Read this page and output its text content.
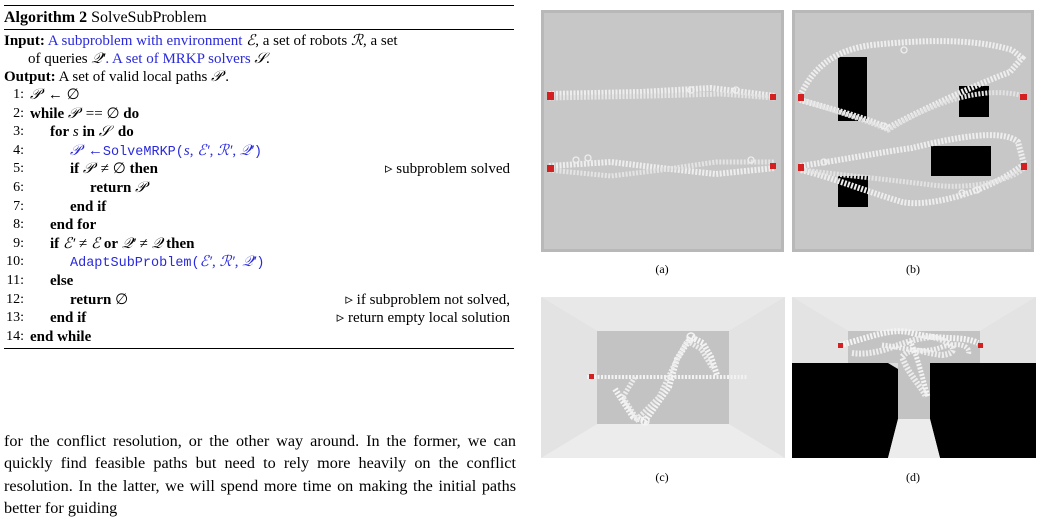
Algorithm 2 SolveSubProblem
Input: A subproblem with environment ℰ, a set of robots ℛ, a set
of queries 𝒬′. A set of MRKP solvers 𝒮.
Output: A set of valid local paths 𝒫′.
1: 𝒫′ ← ∅
2: while 𝒫′ == ∅ do
3:	for s in 𝒮 do
4:	𝒫′ ←SolveMRKP(s, ℰ′, ℛ′, 𝒬′)
5:	if 𝒫′ ≠ ∅ then	▹ subproblem solved
6:	return 𝒫′
7:	end if
8:	end for
9:	if ℰ′ ≠ ℰ or 𝒬′ ≠ 𝒬 then
10:	AdaptSubProblem(ℰ′, ℛ′, 𝒬′)
11:	else
12:	return ∅	▹ if subproblem not solved,
13:	end if	▹ return empty local solution
14: end while
for the conflict resolution, or the other way around. In the former, we can quickly find feasible paths but need to rely more heavily on the conflict resolution. In the latter, we will spend more time on making the initial paths better for guiding
(a)	(b)
(c)	(d)
